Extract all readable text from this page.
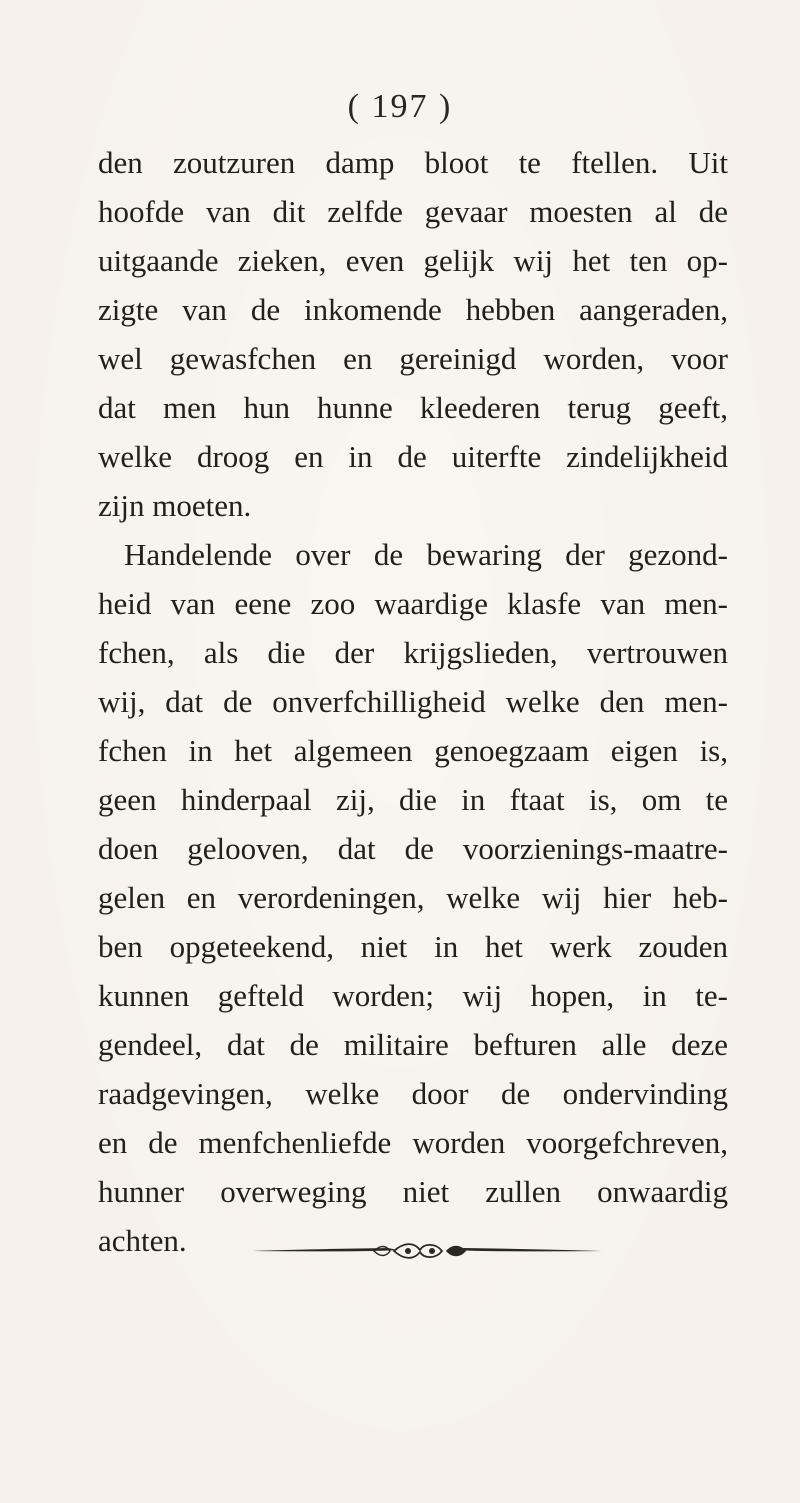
( 197 )
den zoutzuren damp bloot te ftellen. Uit
hoofde van dit zelfde gevaar moesten al de
uitgaande zieken, even gelijk wij het ten op-
zigte van de inkomende hebben aangeraden,
wel gewasfchen en gereinigd worden, voor
dat men hun hunne kleederen terug geeft,
welke droog en in de uiterfte zindelijkheid
zijn moeten.
Handelende over de bewaring der gezond-
heid van eene zoo waardige klasfe van men-
fchen, als die der krijgslieden, vertrouwen
wij, dat de onverfchilligheid welke den men-
fchen in het algemeen genoegzaam eigen is,
geen hinderpaal zij, die in ftaat is, om te
doen gelooven, dat de voorzienings-maatre-
gelen en verordeningen, welke wij hier heb-
ben opgeteekend, niet in het werk zouden
kunnen gefteld worden; wij hopen, in te-
gendeel, dat de militaire befturen alle deze
raadgevingen, welke door de ondervinding
en de menfchenliefde worden voorgefchreven,
hunner overweging niet zullen onwaardig
achten.
